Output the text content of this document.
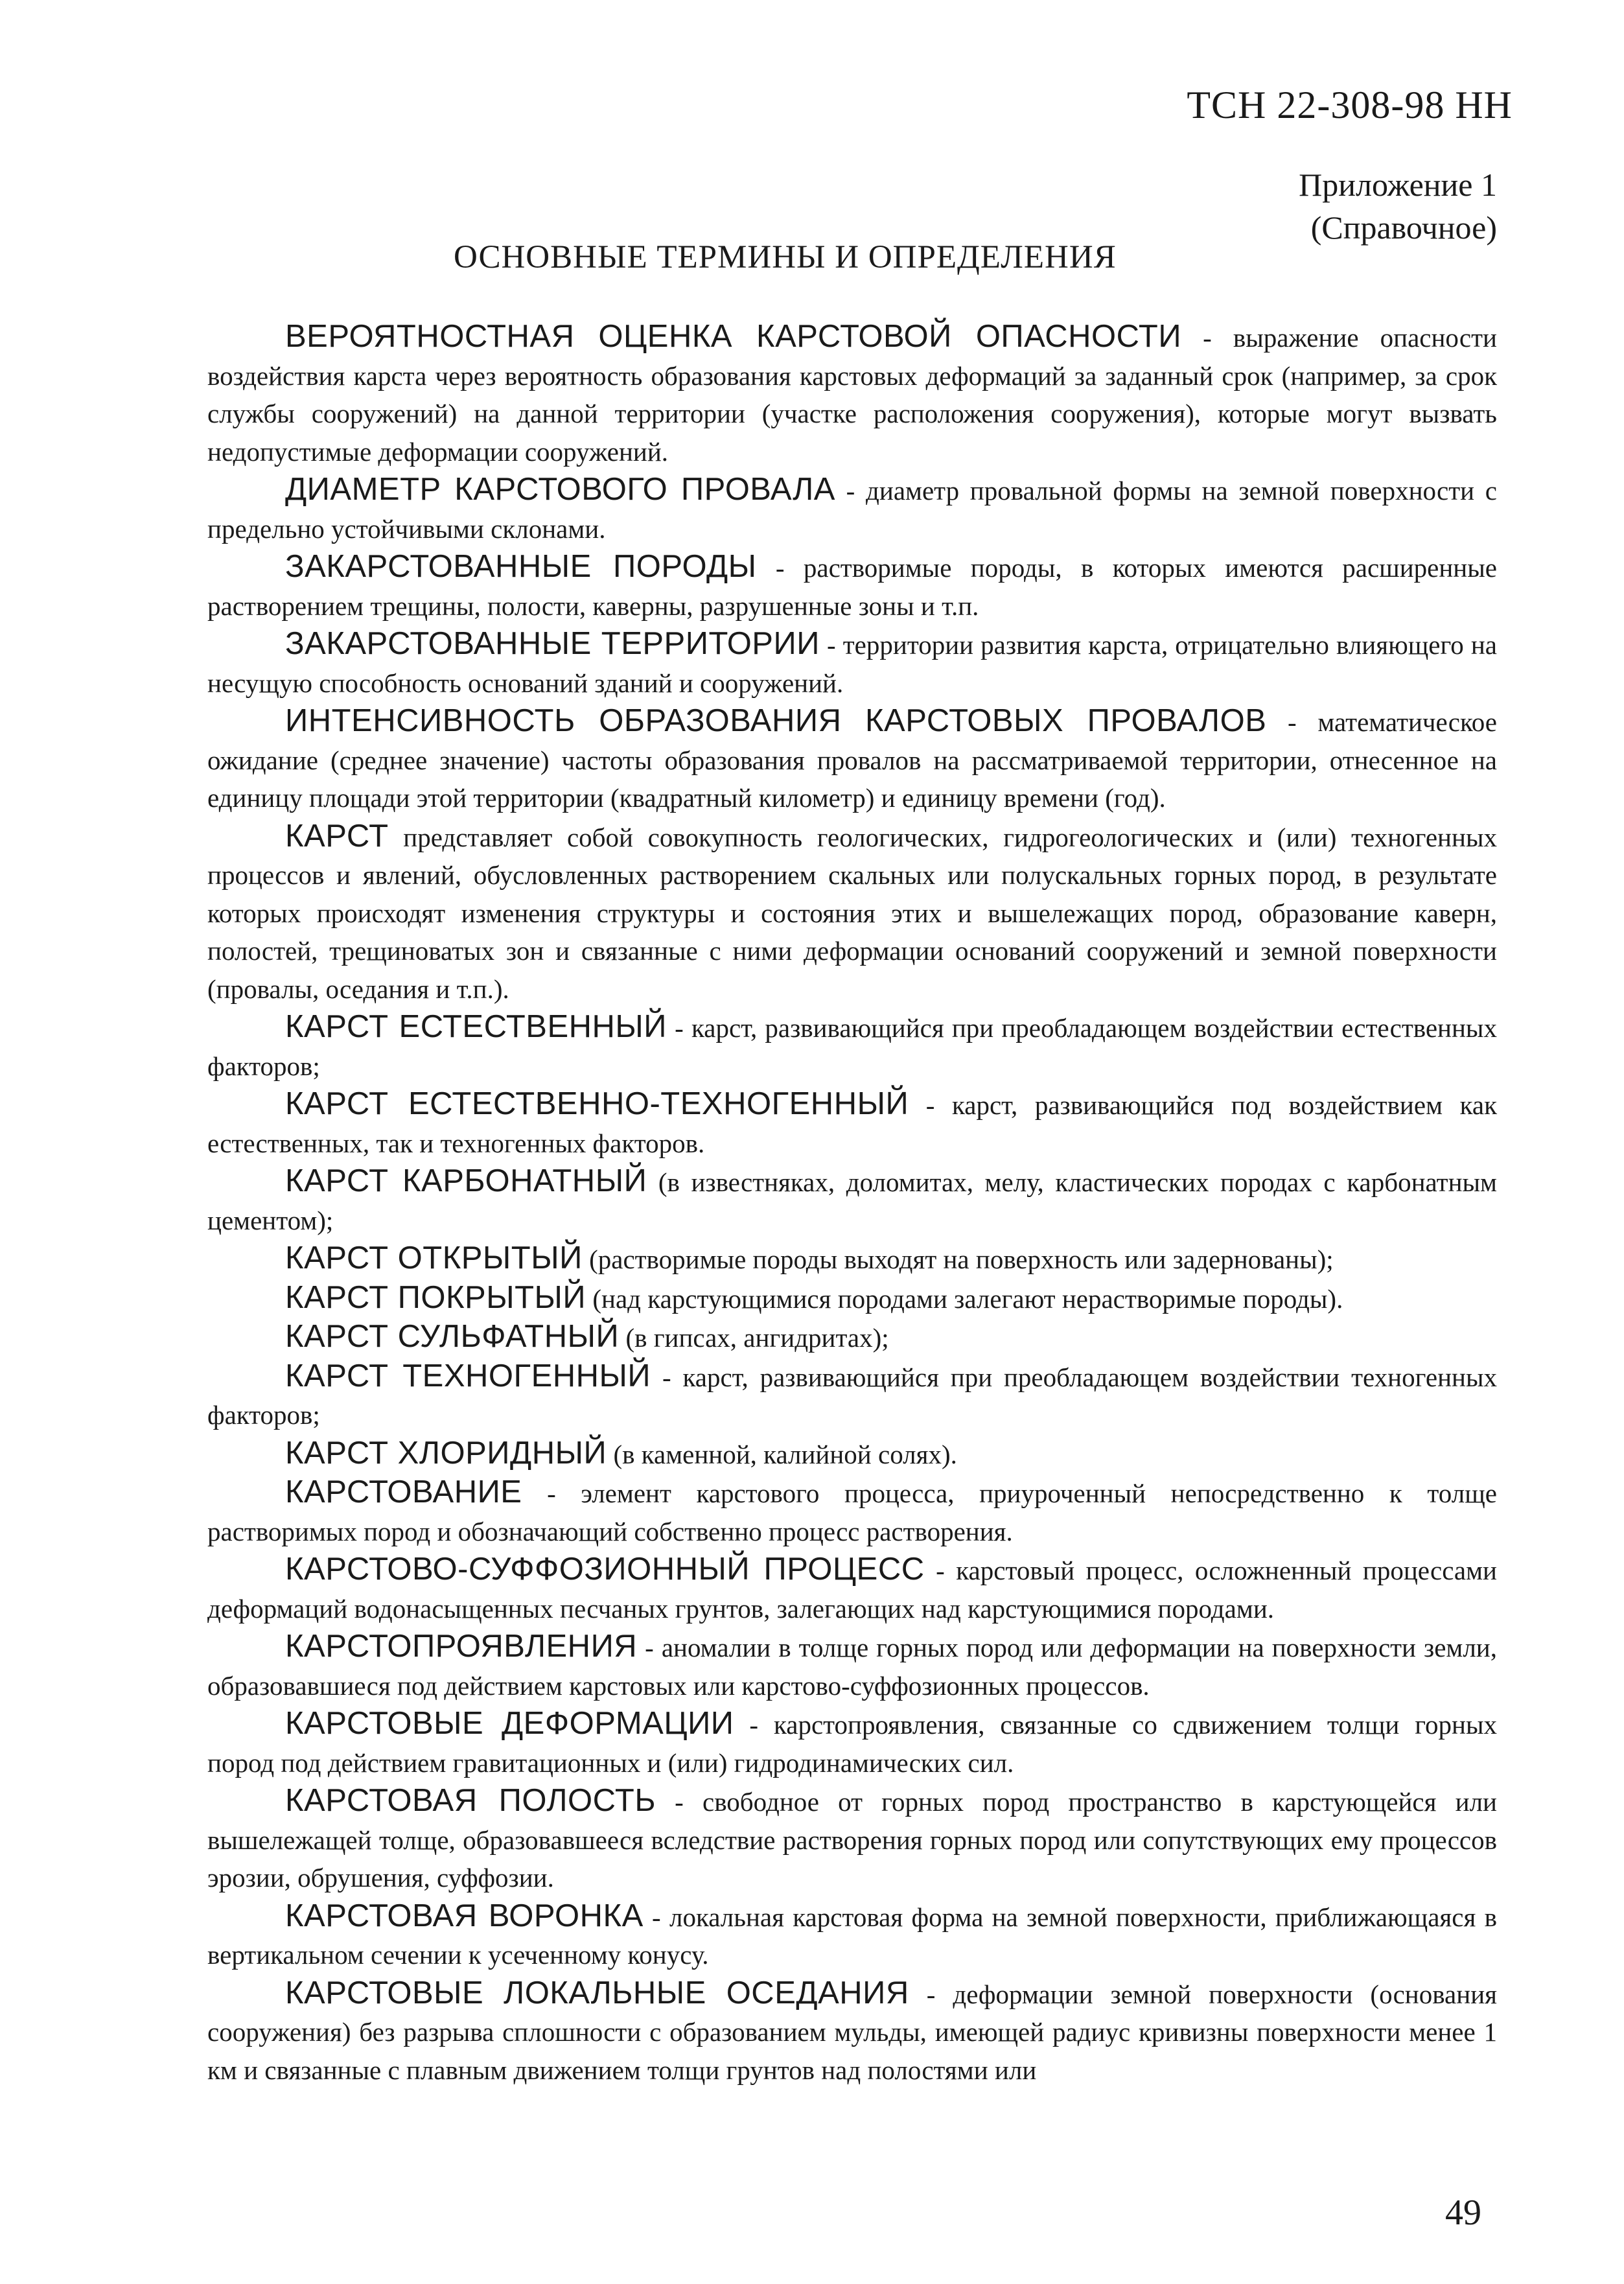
ТСН 22-308-98 НН
Приложение 1
(Справочное)
ОСНОВНЫЕ ТЕРМИНЫ И ОПРЕДЕЛЕНИЯ

ВЕРОЯТНОСТНАЯ ОЦЕНКА КАРСТОВОЙ ОПАСНОСТИ - выражение опасности воздействия карста через вероятность образования карстовых деформаций за заданный срок (например, за срок службы сооружений) на данной территории (участке расположения сооружения), которые могут вызвать недопустимые деформации сооружений.

ДИАМЕТР КАРСТОВОГО ПРОВАЛА - диаметр провальной формы на земной поверхности с предельно устойчивыми склонами.

ЗАКАРСТОВАННЫЕ ПОРОДЫ - растворимые породы, в которых имеются расширенные растворением трещины, полости, каверны, разрушенные зоны и т.п.

ЗАКАРСТОВАННЫЕ ТЕРРИТОРИИ - территории развития карста, отрицательно влияющего на несущую способность оснований зданий и сооружений.

ИНТЕНСИВНОСТЬ ОБРАЗОВАНИЯ КАРСТОВЫХ ПРОВАЛОВ - математическое ожидание (среднее значение) частоты образования провалов на рассматриваемой территории, отнесенное на единицу площади этой территории (квадратный километр) и единицу времени (год).

КАРСТ представляет собой совокупность геологических, гидрогеологических и (или) техногенных процессов и явлений, обусловленных растворением скальных или полускальных горных пород, в результате которых происходят изменения структуры и состояния этих и вышележащих пород, образование каверн, полостей, трещиноватых зон и связанные с ними деформации оснований сооружений и земной поверхности (провалы, оседания и т.п.).

КАРСТ ЕСТЕСТВЕННЫЙ - карст, развивающийся при преобладающем воздействии естественных факторов;

КАРСТ ЕСТЕСТВЕННО-ТЕХНОГЕННЫЙ - карст, развивающийся под воздействием как естественных, так и техногенных факторов.

КАРСТ КАРБОНАТНЫЙ (в известняках, доломитах, мелу, кластических породах с карбонатным цементом);

КАРСТ ОТКРЫТЫЙ (растворимые породы выходят на поверхность или задернованы);

КАРСТ ПОКРЫТЫЙ (над карстующимися породами залегают нерастворимые породы).

КАРСТ СУЛЬФАТНЫЙ (в гипсах, ангидритах);

КАРСТ ТЕХНОГЕННЫЙ - карст, развивающийся при преобладающем воздействии техногенных факторов;

КАРСТ ХЛОРИДНЫЙ (в каменной, калийной солях).

КАРСТОВАНИЕ - элемент карстового процесса, приуроченный непосредственно к толще растворимых пород и обозначающий собственно процесс растворения.

КАРСТОВО-СУФФОЗИОННЫЙ ПРОЦЕСС - карстовый процесс, осложненный процессами деформаций водонасыщенных песчаных грунтов, залегающих над карстующимися породами.

КАРСТОПРОЯВЛЕНИЯ - аномалии в толще горных пород или деформации на поверхности земли, образовавшиеся под действием карстовых или карстово-суффозионных процессов.

КАРСТОВЫЕ ДЕФОРМАЦИИ - карстопроявления, связанные со сдвижением толщи горных пород под действием гравитационных и (или) гидродинамических сил.

КАРСТОВАЯ ПОЛОСТЬ - свободное от горных пород пространство в карстующейся или вышележащей толще, образовавшееся вследствие растворения горных пород или сопутствующих ему процессов эрозии, обрушения, суффозии.

КАРСТОВАЯ ВОРОНКА - локальная карстовая форма на земной поверхности, приближающаяся в вертикальном сечении к усеченному конусу.

КАРСТОВЫЕ ЛОКАЛЬНЫЕ ОСЕДАНИЯ - деформации земной поверхности (основания сооружения) без разрыва сплошности с образованием мульды, имеющей радиус кривизны поверхности менее 1 км и связанные с плавным движением толщи грунтов над полостями или

49
